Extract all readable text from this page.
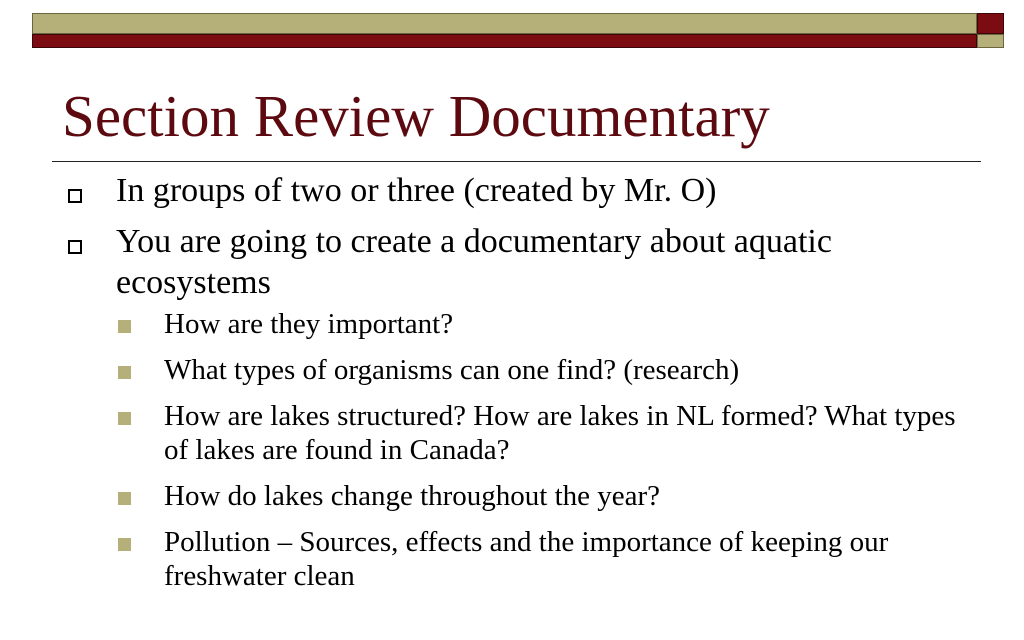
Section Review Documentary
In groups of two or three (created by Mr. O)
You are going to create a documentary about aquatic ecosystems
How are they important?
What types of organisms can one find? (research)
How are lakes structured? How are lakes in NL formed? What types of lakes are found in Canada?
How do lakes change throughout the year?
Pollution – Sources, effects and the importance of keeping our freshwater clean
